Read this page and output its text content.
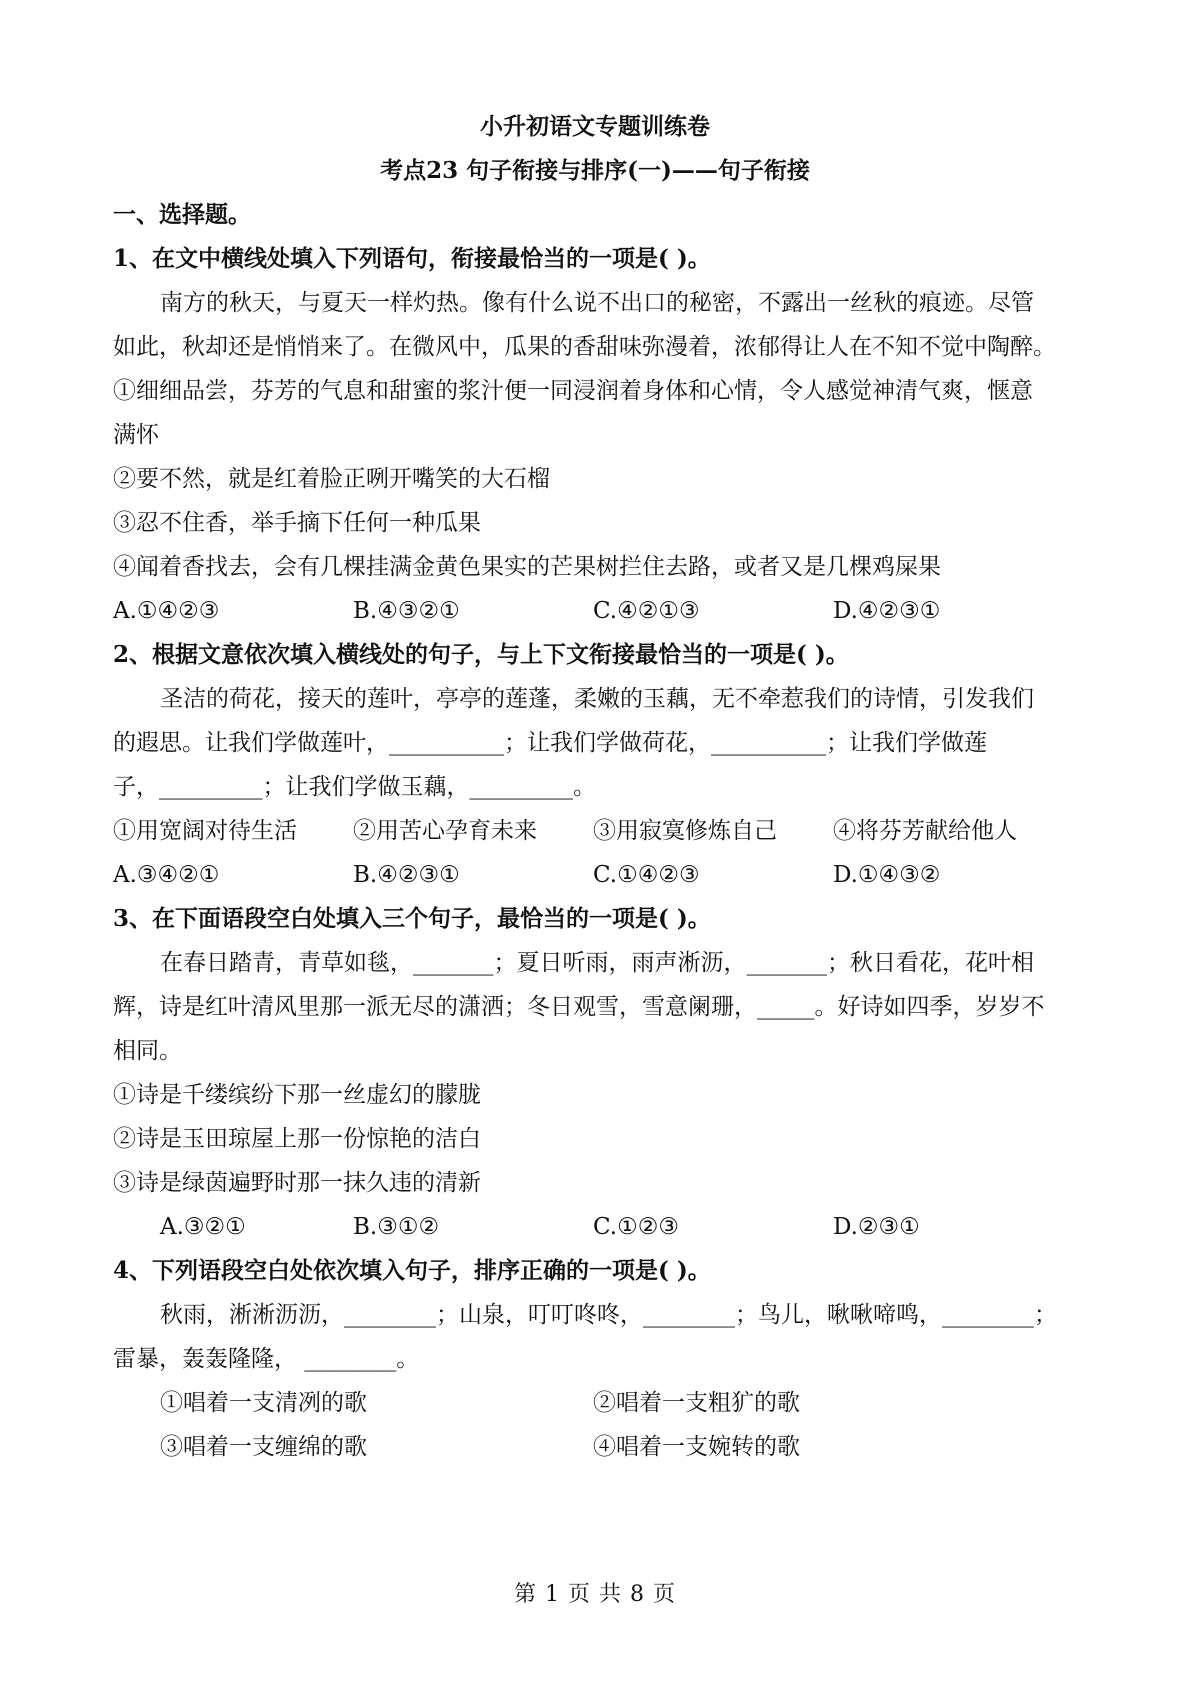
小升初语文专题训练卷
考点23 句子衔接与排序(一)——句子衔接
一、选择题。
1、在文中横线处填入下列语句，衔接最恰当的一项是( )。
南方的秋天，与夏天一样灼热。像有什么说不出口的秘密，不露出一丝秋的痕迹。尽管
如此，秋却还是悄悄来了。在微风中，瓜果的香甜味弥漫着，浓郁得让人在不知不觉中陶醉。
①细细品尝，芬芳的气息和甜蜜的浆汁便一同浸润着身体和心情，令人感觉神清气爽，惬意
满怀
②要不然，就是红着脸正咧开嘴笑的大石榴
③忍不住香，举手摘下任何一种瓜果
④闻着香找去，会有几棵挂满金黄色果实的芒果树拦住去路，或者又是几棵鸡屎果
A.①④②③	B.④③②①	C.④②①③	D.④②③①
2、根据文意依次填入横线处的句子，与上下文衔接最恰当的一项是( )。
圣洁的荷花，接天的莲叶，亭亭的莲蓬，柔嫩的玉藕，无不牵惹我们的诗情，引发我们
的遐思。让我们学做莲叶，__________；让我们学做荷花，__________；让我们学做莲
子，_________；让我们学做玉藕，_________。
①用宽阔对待生活 ②用苦心孕育未来 ③用寂寞修炼自己 ④将芬芳献给他人
A.③④②①	B.④②③①	C.①④②③	D.①④③②
3、在下面语段空白处填入三个句子，最恰当的一项是( )。
在春日踏青，青草如毯，_______；夏日听雨，雨声淅沥，_______；秋日看花，花叶相
辉，诗是红叶清风里那一派无尽的潇洒；冬日观雪，雪意阑珊，_____。好诗如四季，岁岁不
相同。
①诗是千缕缤纷下那一丝虚幻的朦胧
②诗是玉田琼屋上那一份惊艳的洁白
③诗是绿茵遍野时那一抹久违的清新
A.③②①	B.③①②	C.①②③	D.②③①
4、下列语段空白处依次填入句子，排序正确的一项是( )。
秋雨，淅淅沥沥，________；山泉，叮叮咚咚，________；鸟儿，啾啾啼鸣，________；
雷暴，轰轰隆隆， ________。
①唱着一支清冽的歌	②唱着一支粗犷的歌
③唱着一支缠绵的歌	④唱着一支婉转的歌
第 1 页 共 8 页
